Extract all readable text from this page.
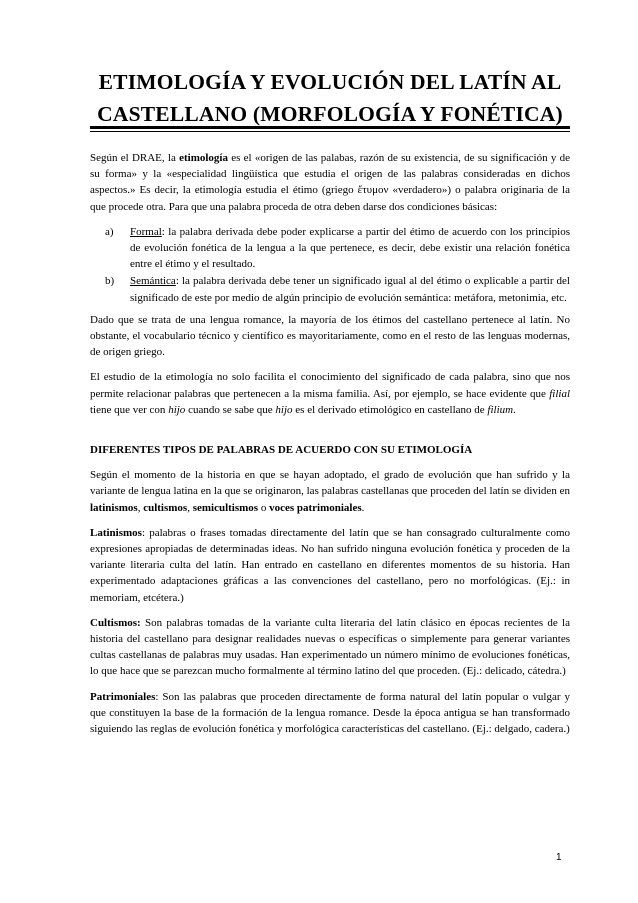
ETIMOLOGÍA Y EVOLUCIÓN DEL LATÍN AL CASTELLANO (MORFOLOGÍA Y FONÉTICA)

Según el DRAE, la etimología es el «origen de las palabas, razón de su existencia, de su significación y de su forma» y la «especialidad lingüística que estudia el origen de las palabras consideradas en dichos aspectos.» Es decir, la etimología estudia el étimo (griego ἔτυμον «verdadero») o palabra originaria de la que procede otra. Para que una palabra proceda de otra deben darse dos condiciones básicas:

a) Formal: la palabra derivada debe poder explicarse a partir del étimo de acuerdo con los principios de evolución fonética de la lengua a la que pertenece, es decir, debe existir una relación fonética entre el étimo y el resultado.
b) Semántica: la palabra derivada debe tener un significado igual al del étimo o explicable a partir del significado de este por medio de algún principio de evolución semántica: metáfora, metonimia, etc.

Dado que se trata de una lengua romance, la mayoría de los étimos del castellano pertenece al latín. No obstante, el vocabulario técnico y científico es mayoritariamente, como en el resto de las lenguas modernas, de origen griego.

El estudio de la etimología no solo facilita el conocimiento del significado de cada palabra, sino que nos permite relacionar palabras que pertenecen a la misma familia. Así, por ejemplo, se hace evidente que filial tiene que ver con hijo cuando se sabe que hijo es el derivado etimológico en castellano de filium.

DIFERENTES TIPOS DE PALABRAS DE ACUERDO CON SU ETIMOLOGÍA

Según el momento de la historia en que se hayan adoptado, el grado de evolución que han sufrido y la variante de lengua latina en la que se originaron, las palabras castellanas que proceden del latín se dividen en latinismos, cultismos, semicultismos o voces patrimoniales.

Latinismos: palabras o frases tomadas directamente del latín que se han consagrado culturalmente como expresiones apropiadas de determinadas ideas. No han sufrido ninguna evolución fonética y proceden de la variante literaria culta del latín. Han entrado en castellano en diferentes momentos de su historia. Han experimentado adaptaciones gráficas a las convenciones del castellano, pero no morfológicas. (Ej.: in memoriam, etcétera.)

Cultismos: Son palabras tomadas de la variante culta literaria del latín clásico en épocas recientes de la historia del castellano para designar realidades nuevas o específicas o simplemente para generar variantes cultas castellanas de palabras muy usadas. Han experimentado un número mínimo de evoluciones fonéticas, lo que hace que se parezcan mucho formalmente al término latino del que proceden. (Ej.: delicado, cátedra.)

Patrimoniales: Son las palabras que proceden directamente de forma natural del latín popular o vulgar y que constituyen la base de la formación de la lengua romance. Desde la época antigua se han transformado siguiendo las reglas de evolución fonética y morfológica características del castellano. (Ej.: delgado, cadera.)

1
